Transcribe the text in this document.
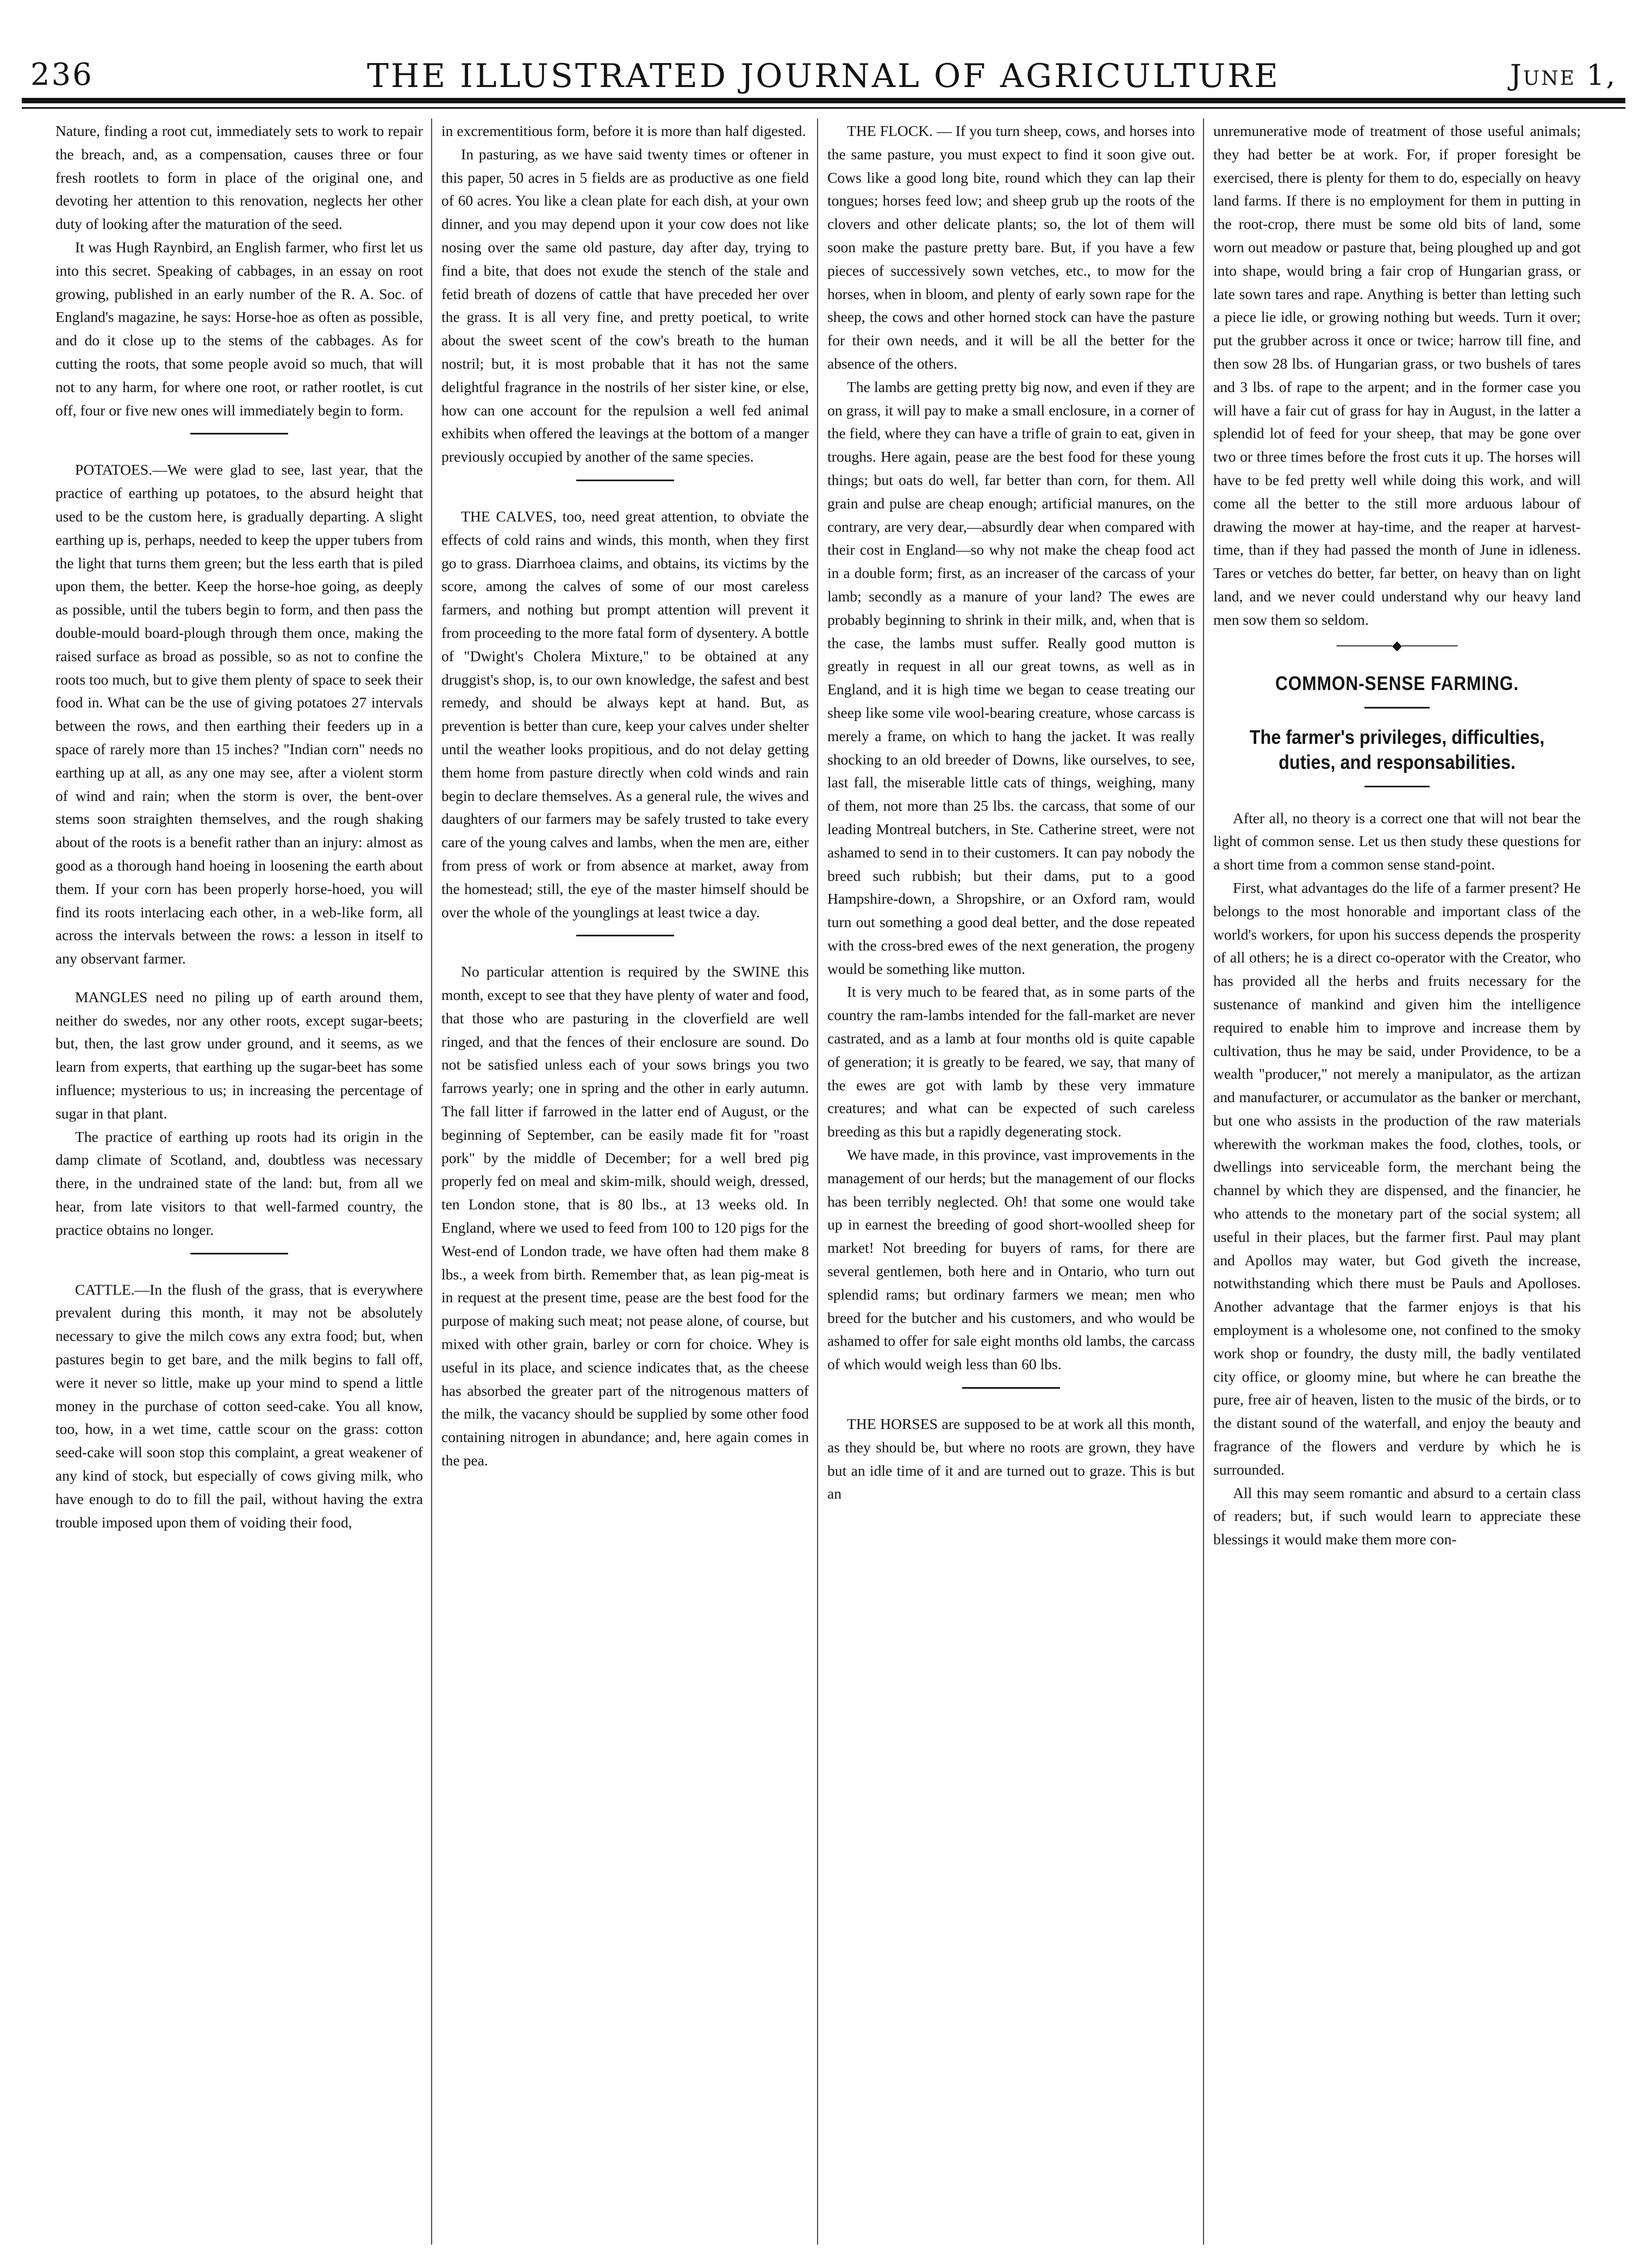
236	THE ILLUSTRATED JOURNAL OF AGRICULTURE	June 1,

Nature, finding a root cut, immediately sets to work to repair the breach, and, as a compensation, causes three or four fresh rootlets to form in place of the original one, and devoting her attention to this renovation, neglects her other duty of looking after the maturation of the seed.

It was Hugh Raynbird, an English farmer, who first let us into this secret. Speaking of cabbages, in an essay on root growing, published in an early number of the R. A. Soc. of England's magazine, he says: Horse-hoe as often as possible, and do it close up to the stems of the cabbages. As for cutting the roots, that some people avoid so much, that will not to any harm, for where one root, or rather rootlet, is cut off, four or five new ones will immediately begin to form.

POTATOES.—We were glad to see, last year, that the practice of earthing up potatoes, to the absurd height that used to be the custom here, is gradually departing. A slight earthing up is, perhaps, needed to keep the upper tubers from the light that turns them green; but the less earth that is piled upon them, the better. Keep the horse-hoe going, as deeply as possible, until the tubers begin to form, and then pass the double-mould board-plough through them once, making the raised surface as broad as possible, so as not to confine the roots too much, but to give them plenty of space to seek their food in. What can be the use of giving potatoes 27 intervals between the rows, and then earthing their feeders up in a space of rarely more than 15 inches? "Indian corn" needs no earthing up at all, as any one may see, after a violent storm of wind and rain; when the storm is over, the bent-over stems soon straighten themselves, and the rough shaking about of the roots is a benefit rather than an injury: almost as good as a thorough hand hoeing in loosening the earth about them. If your corn has been properly horse-hoed, you will find its roots interlacing each other, in a web-like form, all across the intervals between the rows: a lesson in itself to any observant farmer.

MANGLES need no piling up of earth around them, neither do swedes, nor any other roots, except sugar-beets; but, then, the last grow under ground, and it seems, as we learn from experts, that earthing up the sugar-beet has some influence; mysterious to us; in increasing the percentage of sugar in that plant.

The practice of earthing up roots had its origin in the damp climate of Scotland, and, doubtless was necessary there, in the undrained state of the land: but, from all we hear, from late visitors to that well-farmed country, the practice obtains no longer.

CATTLE.—In the flush of the grass, that is everywhere prevalent during this month, it may not be absolutely necessary to give the milch cows any extra food; but, when pastures begin to get bare, and the milk begins to fall off, were it never so little, make up your mind to spend a little money in the purchase of cotton seed-cake. You all know, too, how, in a wet time, cattle scour on the grass: cotton seed-cake will soon stop this complaint, a great weakener of any kind of stock, but especially of cows giving milk, who have enough to do to fill the pail, without having the extra trouble imposed upon them of voiding their food,

in excrementitious form, before it is more than half digested.

In pasturing, as we have said twenty times or oftener in this paper, 50 acres in 5 fields are as productive as one field of 60 acres. You like a clean plate for each dish, at your own dinner, and you may depend upon it your cow does not like nosing over the same old pasture, day after day, trying to find a bite, that does not exude the stench of the stale and fetid breath of dozens of cattle that have preceded her over the grass. It is all very fine, and pretty poetical, to write about the sweet scent of the cow's breath to the human nostril; but, it is most probable that it has not the same delightful fragrance in the nostrils of her sister kine, or else, how can one account for the repulsion a well fed animal exhibits when offered the leavings at the bottom of a manger previously occupied by another of the same species.

THE CALVES, too, need great attention, to obviate the effects of cold rains and winds, this month, when they first go to grass. Diarrhoea claims, and obtains, its victims by the score, among the calves of some of our most careless farmers, and nothing but prompt attention will prevent it from proceeding to the more fatal form of dysentery. A bottle of "Dwight's Cholera Mixture," to be obtained at any druggist's shop, is, to our own knowledge, the safest and best remedy, and should be always kept at hand. But, as prevention is better than cure, keep your calves under shelter until the weather looks propitious, and do not delay getting them home from pasture directly when cold winds and rain begin to declare themselves. As a general rule, the wives and daughters of our farmers may be safely trusted to take every care of the young calves and lambs, when the men are, either from press of work or from absence at market, away from the homestead; still, the eye of the master himself should be over the whole of the younglings at least twice a day.

No particular attention is required by the SWINE this month, except to see that they have plenty of water and food, that those who are pasturing in the cloverfield are well ringed, and that the fences of their enclosure are sound. Do not be satisfied unless each of your sows brings you two farrows yearly; one in spring and the other in early autumn. The fall litter if farrowed in the latter end of August, or the beginning of September, can be easily made fit for "roast pork" by the middle of December; for a well bred pig properly fed on meal and skim-milk, should weigh, dressed, ten London stone, that is 80 lbs., at 13 weeks old. In England, where we used to feed from 100 to 120 pigs for the West-end of London trade, we have often had them make 8 lbs., a week from birth. Remember that, as lean pig-meat is in request at the present time, pease are the best food for the purpose of making such meat; not pease alone, of course, but mixed with other grain, barley or corn for choice. Whey is useful in its place, and science indicates that, as the cheese has absorbed the greater part of the nitrogenous matters of the milk, the vacancy should be supplied by some other food containing nitrogen in abundance; and, here again comes in the pea.

THE FLOCK. — If you turn sheep, cows, and horses into the same pasture, you must expect to find it soon give out. Cows like a good long bite, round which they can lap their tongues; horses feed low; and sheep grub up the roots of the clovers and other delicate plants; so, the lot of them will soon make the pasture pretty bare. But, if you have a few pieces of successively sown vetches, etc., to mow for the horses, when in bloom, and plenty of early sown rape for the sheep, the cows and other horned stock can have the pasture for their own needs, and it will be all the better for the absence of the others.

The lambs are getting pretty big now, and even if they are on grass, it will pay to make a small enclosure, in a corner of the field, where they can have a trifle of grain to eat, given in troughs. Here again, pease are the best food for these young things; but oats do well, far better than corn, for them. All grain and pulse are cheap enough; artificial manures, on the contrary, are very dear,—absurdly dear when compared with their cost in England—so why not make the cheap food act in a double form; first, as an increaser of the carcass of your lamb; secondly as a manure of your land? The ewes are probably beginning to shrink in their milk, and, when that is the case, the lambs must suffer. Really good mutton is greatly in request in all our great towns, as well as in England, and it is high time we began to cease treating our sheep like some vile wool-bearing creature, whose carcass is merely a frame, on which to hang the jacket. It was really shocking to an old breeder of Downs, like ourselves, to see, last fall, the miserable little cats of things, weighing, many of them, not more than 25 lbs. the carcass, that some of our leading Montreal butchers, in Ste. Catherine street, were not ashamed to send in to their customers. It can pay nobody the breed such rubbish; but their dams, put to a good Hampshire-down, a Shropshire, or an Oxford ram, would turn out something a good deal better, and the dose repeated with the cross-bred ewes of the next generation, the progeny would be something like mutton.

It is very much to be feared that, as in some parts of the country the ram-lambs intended for the fall-market are never castrated, and as a lamb at four months old is quite capable of generation; it is greatly to be feared, we say, that many of the ewes are got with lamb by these very immature creatures; and what can be expected of such careless breeding as this but a rapidly degenerating stock.

We have made, in this province, vast improvements in the management of our herds; but the management of our flocks has been terribly neglected. Oh! that some one would take up in earnest the breeding of good short-woolled sheep for market! Not breeding for buyers of rams, for there are several gentlemen, both here and in Ontario, who turn out splendid rams; but ordinary farmers we mean; men who breed for the butcher and his customers, and who would be ashamed to offer for sale eight months old lambs, the carcass of which would weigh less than 60 lbs.

THE HORSES are supposed to be at work all this month, as they should be, but where no roots are grown, they have but an idle time of it and are turned out to graze. This is but an

unremunerative mode of treatment of those useful animals; they had better be at work. For, if proper foresight be exercised, there is plenty for them to do, especially on heavy land farms. If there is no employment for them in putting in the root-crop, there must be some old bits of land, some worn out meadow or pasture that, being ploughed up and got into shape, would bring a fair crop of Hungarian grass, or late sown tares and rape. Anything is better than letting such a piece lie idle, or growing nothing but weeds. Turn it over; put the grubber across it once or twice; harrow till fine, and then sow 28 lbs. of Hungarian grass, or two bushels of tares and 3 lbs. of rape to the arpent; and in the former case you will have a fair cut of grass for hay in August, in the latter a splendid lot of feed for your sheep, that may be gone over two or three times before the frost cuts it up. The horses will have to be fed pretty well while doing this work, and will come all the better to the still more arduous labour of drawing the mower at hay-time, and the reaper at harvest-time, than if they had passed the month of June in idleness. Tares or vetches do better, far better, on heavy than on light land, and we never could understand why our heavy land men sow them so seldom.

──────◆──────
COMMON-SENSE FARMING.
The farmer's privileges, difficulties, duties, and responsabilities.

After all, no theory is a correct one that will not bear the light of common sense. Let us then study these questions for a short time from a common sense stand-point.

First, what advantages do the life of a farmer present? He belongs to the most honorable and important class of the world's workers, for upon his success depends the prosperity of all others; he is a direct co-operator with the Creator, who has provided all the herbs and fruits necessary for the sustenance of mankind and given him the intelligence required to enable him to improve and increase them by cultivation, thus he may be said, under Providence, to be a wealth "producer," not merely a manipulator, as the artizan and manufacturer, or accumulator as the banker or merchant, but one who assists in the production of the raw materials wherewith the workman makes the food, clothes, tools, or dwellings into serviceable form, the merchant being the channel by which they are dispensed, and the financier, he who attends to the monetary part of the social system; all useful in their places, but the farmer first. Paul may plant and Apollos may water, but God giveth the increase, notwithstanding which there must be Pauls and Apolloses. Another advantage that the farmer enjoys is that his employment is a wholesome one, not confined to the smoky work shop or foundry, the dusty mill, the badly ventilated city office, or gloomy mine, but where he can breathe the pure, free air of heaven, listen to the music of the birds, or to the distant sound of the waterfall, and enjoy the beauty and fragrance of the flowers and verdure by which he is surrounded.

All this may seem romantic and absurd to a certain class of readers; but, if such would learn to appreciate these blessings it would make them more con-
